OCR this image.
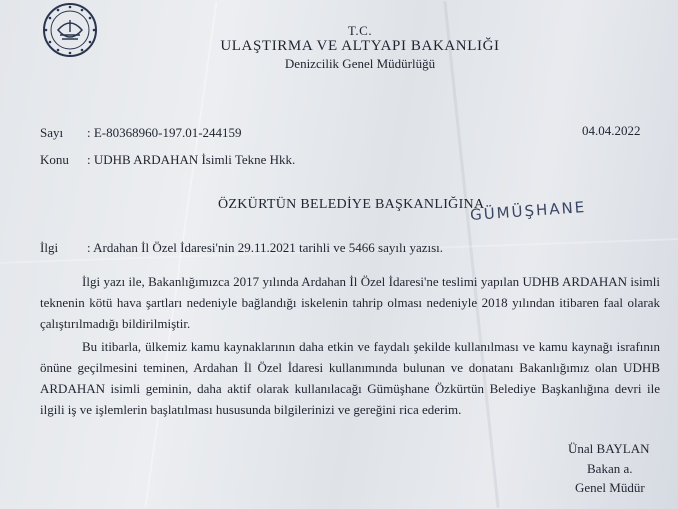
T.C.
ULAŞTIRMA VE ALTYAPI BAKANLIĞI
Denizcilik Genel Müdürlüğü
Sayı : E-80368960-197.01-244159	04.04.2022
Konu : UDHB ARDAHAN İsimli Tekne Hkk.
ÖZKÜRTÜN BELEDİYE BAŞKANLIĞINA
GÜMÜŞHANE
İlgi : Ardahan İl Özel İdaresi'nin 29.11.2021 tarihli ve 5466 sayılı yazısı.
İlgi yazı ile, Bakanlığımızca 2017 yılında Ardahan İl Özel İdaresi'ne teslimi yapılan UDHB ARDAHAN isimli teknenin kötü hava şartları nedeniyle bağlandığı iskelenin tahrip olması nedeniyle 2018 yılından itibaren faal olarak çalıştırılmadığı bildirilmiştir.
Bu itibarla, ülkemiz kamu kaynaklarının daha etkin ve faydalı şekilde kullanılması ve kamu kaynağı israfının önüne geçilmesini teminen, Ardahan İl Özel İdaresi kullanımında bulunan ve donatanı Bakanlığımız olan UDHB ARDAHAN isimli geminin, daha aktif olarak kullanılacağı Gümüşhane Özkürtün Belediye Başkanlığına devri ile ilgili iş ve işlemlerin başlatılması hususunda bilgilerinizi ve gereğini rica ederim.
Ünal BAYLAN
Bakan a.
Genel Müdür
